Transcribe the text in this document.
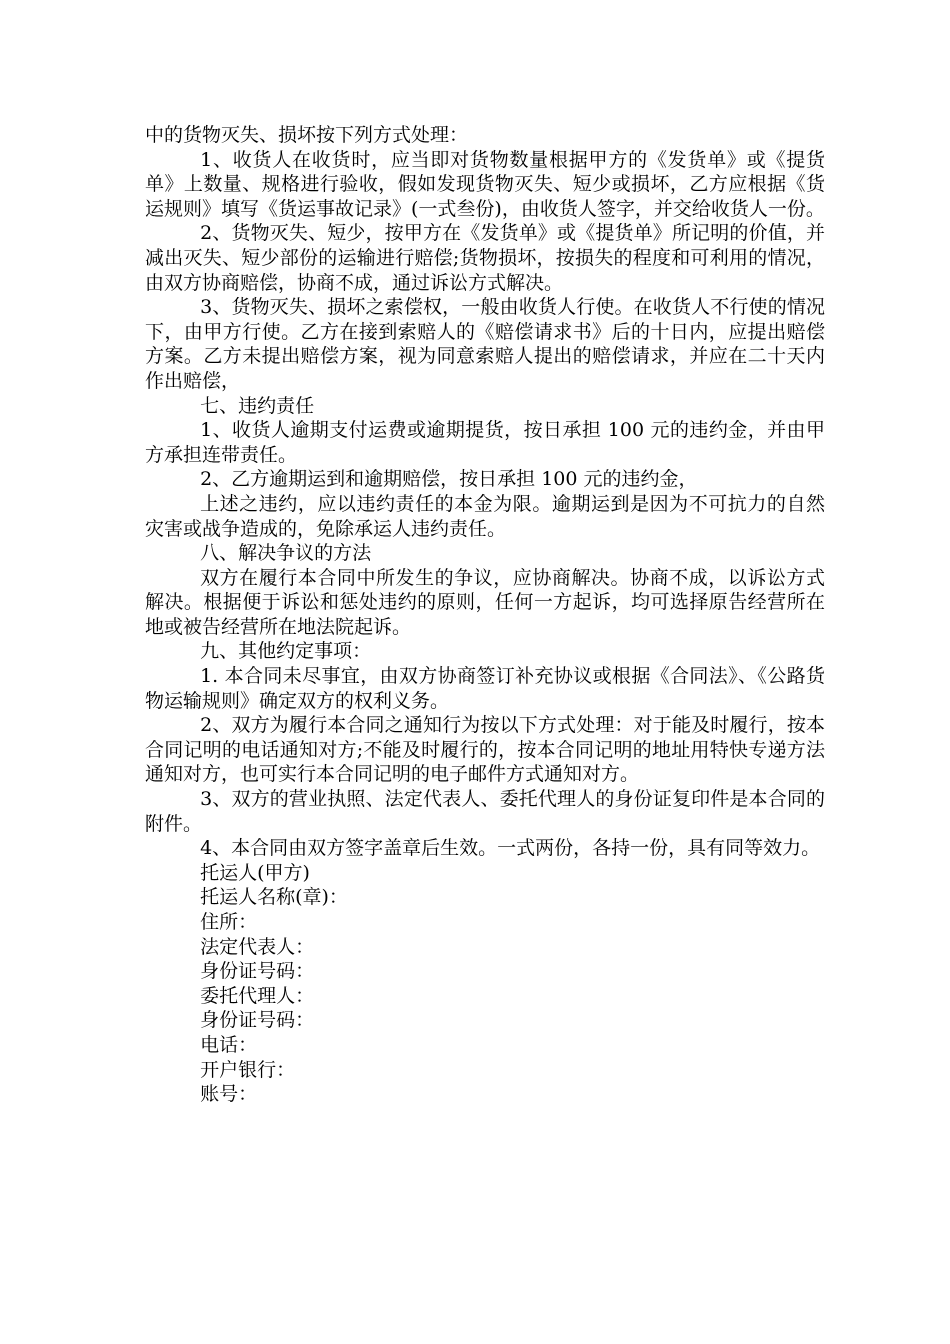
中的货物灭失、损坏按下列方式处理：

1、收货人在收货时，应当即对货物数量根据甲方的《发货单》或《提货单》上数量、规格进行验收，假如发现货物灭失、短少或损坏，乙方应根据《货运规则》填写《货运事故记录》(一式叁份)，由收货人签字，并交给收货人一份。

2、货物灭失、短少，按甲方在《发货单》或《提货单》所记明的价值，并减出灭失、短少部份的运输进行赔偿;货物损坏，按损失的程度和可利用的情况，由双方协商赔偿，协商不成，通过诉讼方式解决。

3、货物灭失、损坏之索偿权，一般由收货人行使。在收货人不行使的情况下，由甲方行使。乙方在接到索赔人的《赔偿请求书》后的十日内，应提出赔偿方案。乙方未提出赔偿方案，视为同意索赔人提出的赔偿请求，并应在二十天内作出赔偿，

七、违约责任

1、收货人逾期支付运费或逾期提货，按日承担 100 元的违约金，并由甲方承担连带责任。

2、乙方逾期运到和逾期赔偿，按日承担 100 元的违约金，

上述之违约，应以违约责任的本金为限。逾期运到是因为不可抗力的自然灾害或战争造成的，免除承运人违约责任。

八、解决争议的方法

双方在履行本合同中所发生的争议，应协商解决。协商不成，以诉讼方式解决。根据便于诉讼和惩处违约的原则，任何一方起诉，均可选择原告经营所在地或被告经营所在地法院起诉。

九、其他约定事项：

1. 本合同未尽事宜，由双方协商签订补充协议或根据《合同法》、《公路货物运输规则》确定双方的权利义务。

2、双方为履行本合同之通知行为按以下方式处理：对于能及时履行，按本合同记明的电话通知对方;不能及时履行的，按本合同记明的地址用特快专递方法通知对方，也可实行本合同记明的电子邮件方式通知对方。

3、双方的营业执照、法定代表人、委托代理人的身份证复印件是本合同的附件。

4、本合同由双方签字盖章后生效。一式两份，各持一份，具有同等效力。

托运人(甲方)

托运人名称(章)：

住所：

法定代表人：

身份证号码：

委托代理人：

身份证号码：

电话：

开户银行：

账号：
